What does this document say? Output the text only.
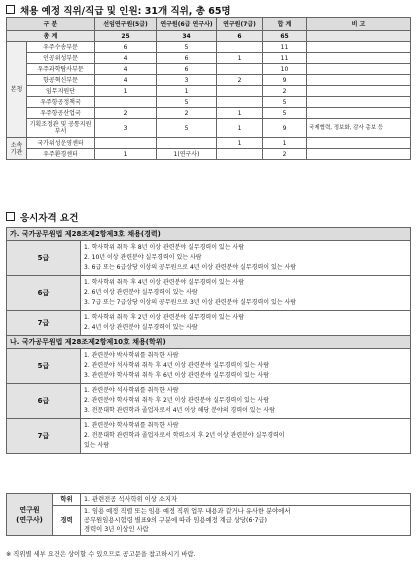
채용 예정 직위/직급 및 인원: 31개 직위, 총 65명
구 분		선임연구원(5급)	연구원(6급 연구사)	연구원(7급)	합 계	비 고
총 계		25	34	6	65	
본청	우주수송부문	6	5		11	
	인공위성부문	4	6	1	11	
	우주과학탐사부문	4	6		10	
	항공혁신부문	4	3	2	9	
	임무지원단	1	1		2	
	우주항공정책국		5		5	
	우주항공산업국	2	2	1	5	
	기획조정관 및 공통지원 부서	3	5	1	9	국제협력, 정보화, 감사 총보 등
소속 기관	국가위성운영센터			1	1	
	우주환경센터	1	1(연구사)		2	
응시자격 요건
가. 국가공무원법 제28조제2항제3호 채용(경력)	
5급	1. 학사학위 취득 후 8년 이상 관련분야 실무경력이 있는 사람
2. 10년 이상 관련분야 실무경력이 있는 사람
3. 6급 또는 6급상당 이상의 공무원으로 4년 이상 관련분야 실무경력이 있는 사람

6급	1. 학사학위 취득 후 4년 이상 관련분야 실무경력이 있는 사람
2. 6년 이상 관련분야 실무경력이 있는 사람
3. 7급 또는 7급상당 이상의 공무원으로 3년 이상 관련분야 실무경력이 있는 사람

7급	1. 학사학위 취득 후 2년 이상 관련분야 실무경력이 있는 사람
2. 4년 이상 관련분야 실무경력이 있는 사람

나. 국가공무원법 제28조제2항제10호 채용(학위)	
5급	1. 관련분야 박사학위를 취득한 사람
2. 관련분야 석사학위 취득 후 4년 이상 관련분야 실무경력이 있는 사람
3. 관련분야 학사학위 취득 후 6년 이상 관련분야 실무경력이 있는 사람

6급	1. 관련분야 석사학위를 취득한 사람
2. 관련분야 학사학위 취득 후 2년 이상 관련분야 실무경력이 있는 사람
3. 전문대학 관련학과 졸업자로서 4년 이상 해당 분야의 경력이 있는 사람

7급	1. 관련분야 학사학위를 취득한 사람
2. 전문대학 관련학과 졸업자로서 학력소지 후 2년 이상 관련분야 실무경력이
있는 사람
연구원
(연구사)	학위	1. 관련전공 석사학위 이상 소지자
	경력	1. 임용 예정 직렬 또는 임용 예정 직위 업무 내용과 같거나 유사한 분야에서
공무원임용시험령 별표9의 구분에 따라 임용예정 계급 상당(6·7급)
경력이 3년 이상인 사람
※ 직위별 세부 요건은 상이할 수 있으므로 공고문을 참고하시기 바람.
